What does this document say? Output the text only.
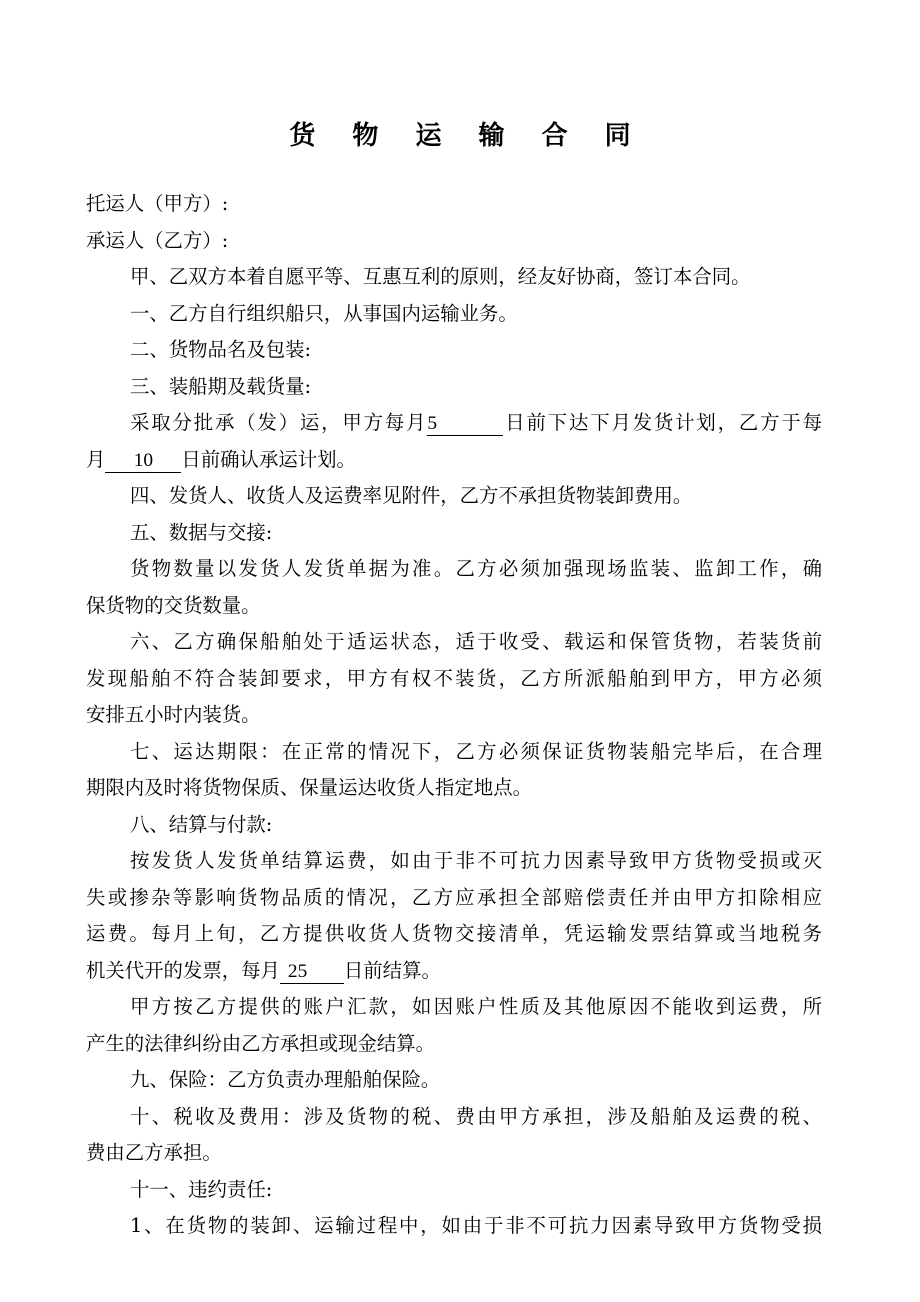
货 物 运 输 合 同
托运人（甲方）:
承运人（乙方）:
甲、乙双方本着自愿平等、互惠互利的原则，经友好协商，签订本合同。
一、乙方自行组织船只，从事国内运输业务。
二、货物品名及包装:
三、装船期及载货量:
采取分批承（发）运，甲方每月5	日前下达下月发货计划，乙方于每
月 10 日前确认承运计划。
四、发货人、收货人及运费率见附件，乙方不承担货物装卸费用。
五、数据与交接:
货物数量以发货人发货单据为准。乙方必须加强现场监装、监卸工作，确
保货物的交货数量。
六、乙方确保船舶处于适运状态，适于收受、载运和保管货物，若装货前
发现船舶不符合装卸要求，甲方有权不装货，乙方所派船舶到甲方，甲方必须
安排五小时内装货。
七、运达期限：在正常的情况下，乙方必须保证货物装船完毕后，在合理
期限内及时将货物保质、保量运达收货人指定地点。
八、结算与付款:
按发货人发货单结算运费，如由于非不可抗力因素导致甲方货物受损或灭
失或掺杂等影响货物品质的情况，乙方应承担全部赔偿责任并由甲方扣除相应
运费。每月上旬，乙方提供收货人货物交接清单，凭运输发票结算或当地税务
机关代开的发票，每月 25 日前结算。
甲方按乙方提供的账户汇款，如因账户性质及其他原因不能收到运费，所
产生的法律纠纷由乙方承担或现金结算。
九、保险：乙方负责办理船舶保险。
十、税收及费用：涉及货物的税、费由甲方承担，涉及船舶及运费的税、
费由乙方承担。
十一、违约责任:
1、在货物的装卸、运输过程中，如由于非不可抗力因素导致甲方货物受损
